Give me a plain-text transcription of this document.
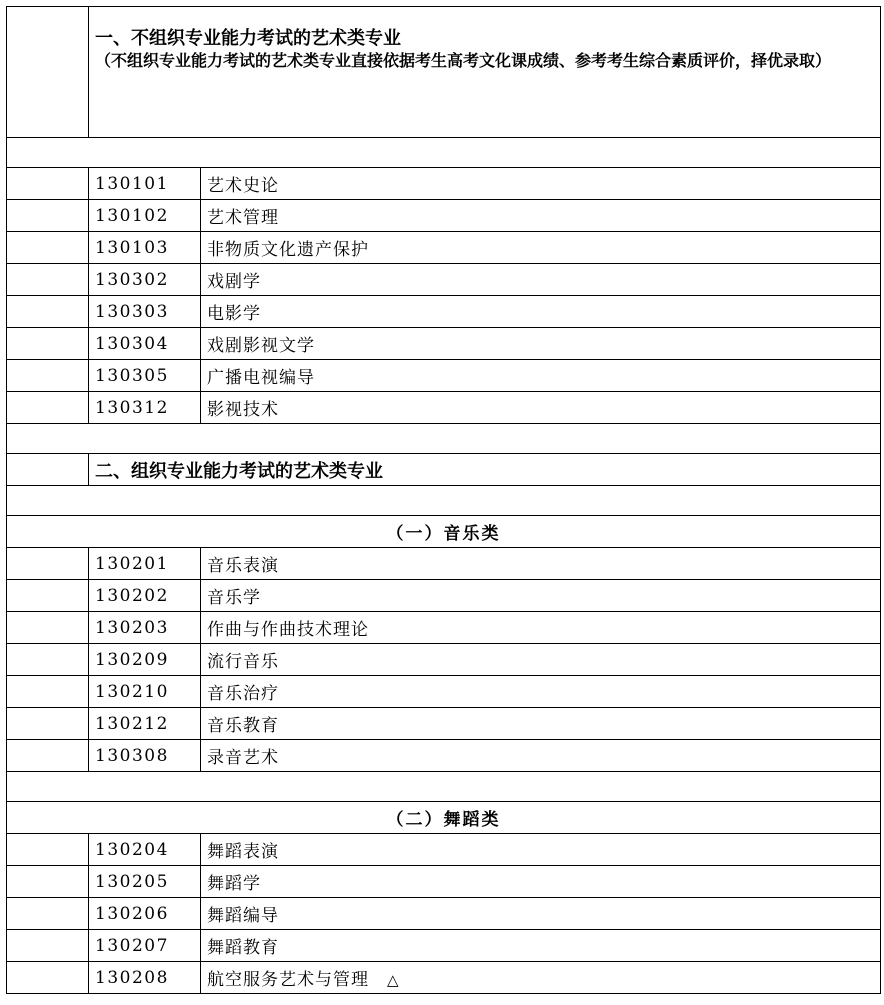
	一、不组织专业能力考试的艺术类专业
（不组织专业能力考试的艺术类专业直接依据考生高考文化课成绩、参考考生综合素质评价，择优录取）	

	130101	艺术史论
	130102	艺术管理
	130103	非物质文化遗产保护
	130302	戏剧学
	130303	电影学
	130304	戏剧影视文学
	130305	广播电视编导
	130312	影视技术

	二、组织专业能力考试的艺术类专业	

（一）音乐类		
	130201	音乐表演
	130202	音乐学
	130203	作曲与作曲技术理论
	130209	流行音乐
	130210	音乐治疗
	130212	音乐教育
	130308	录音艺术

（二）舞蹈类		
	130204	舞蹈表演
	130205	舞蹈学
	130206	舞蹈编导
	130207	舞蹈教育
	130208	航空服务艺术与管理 △
